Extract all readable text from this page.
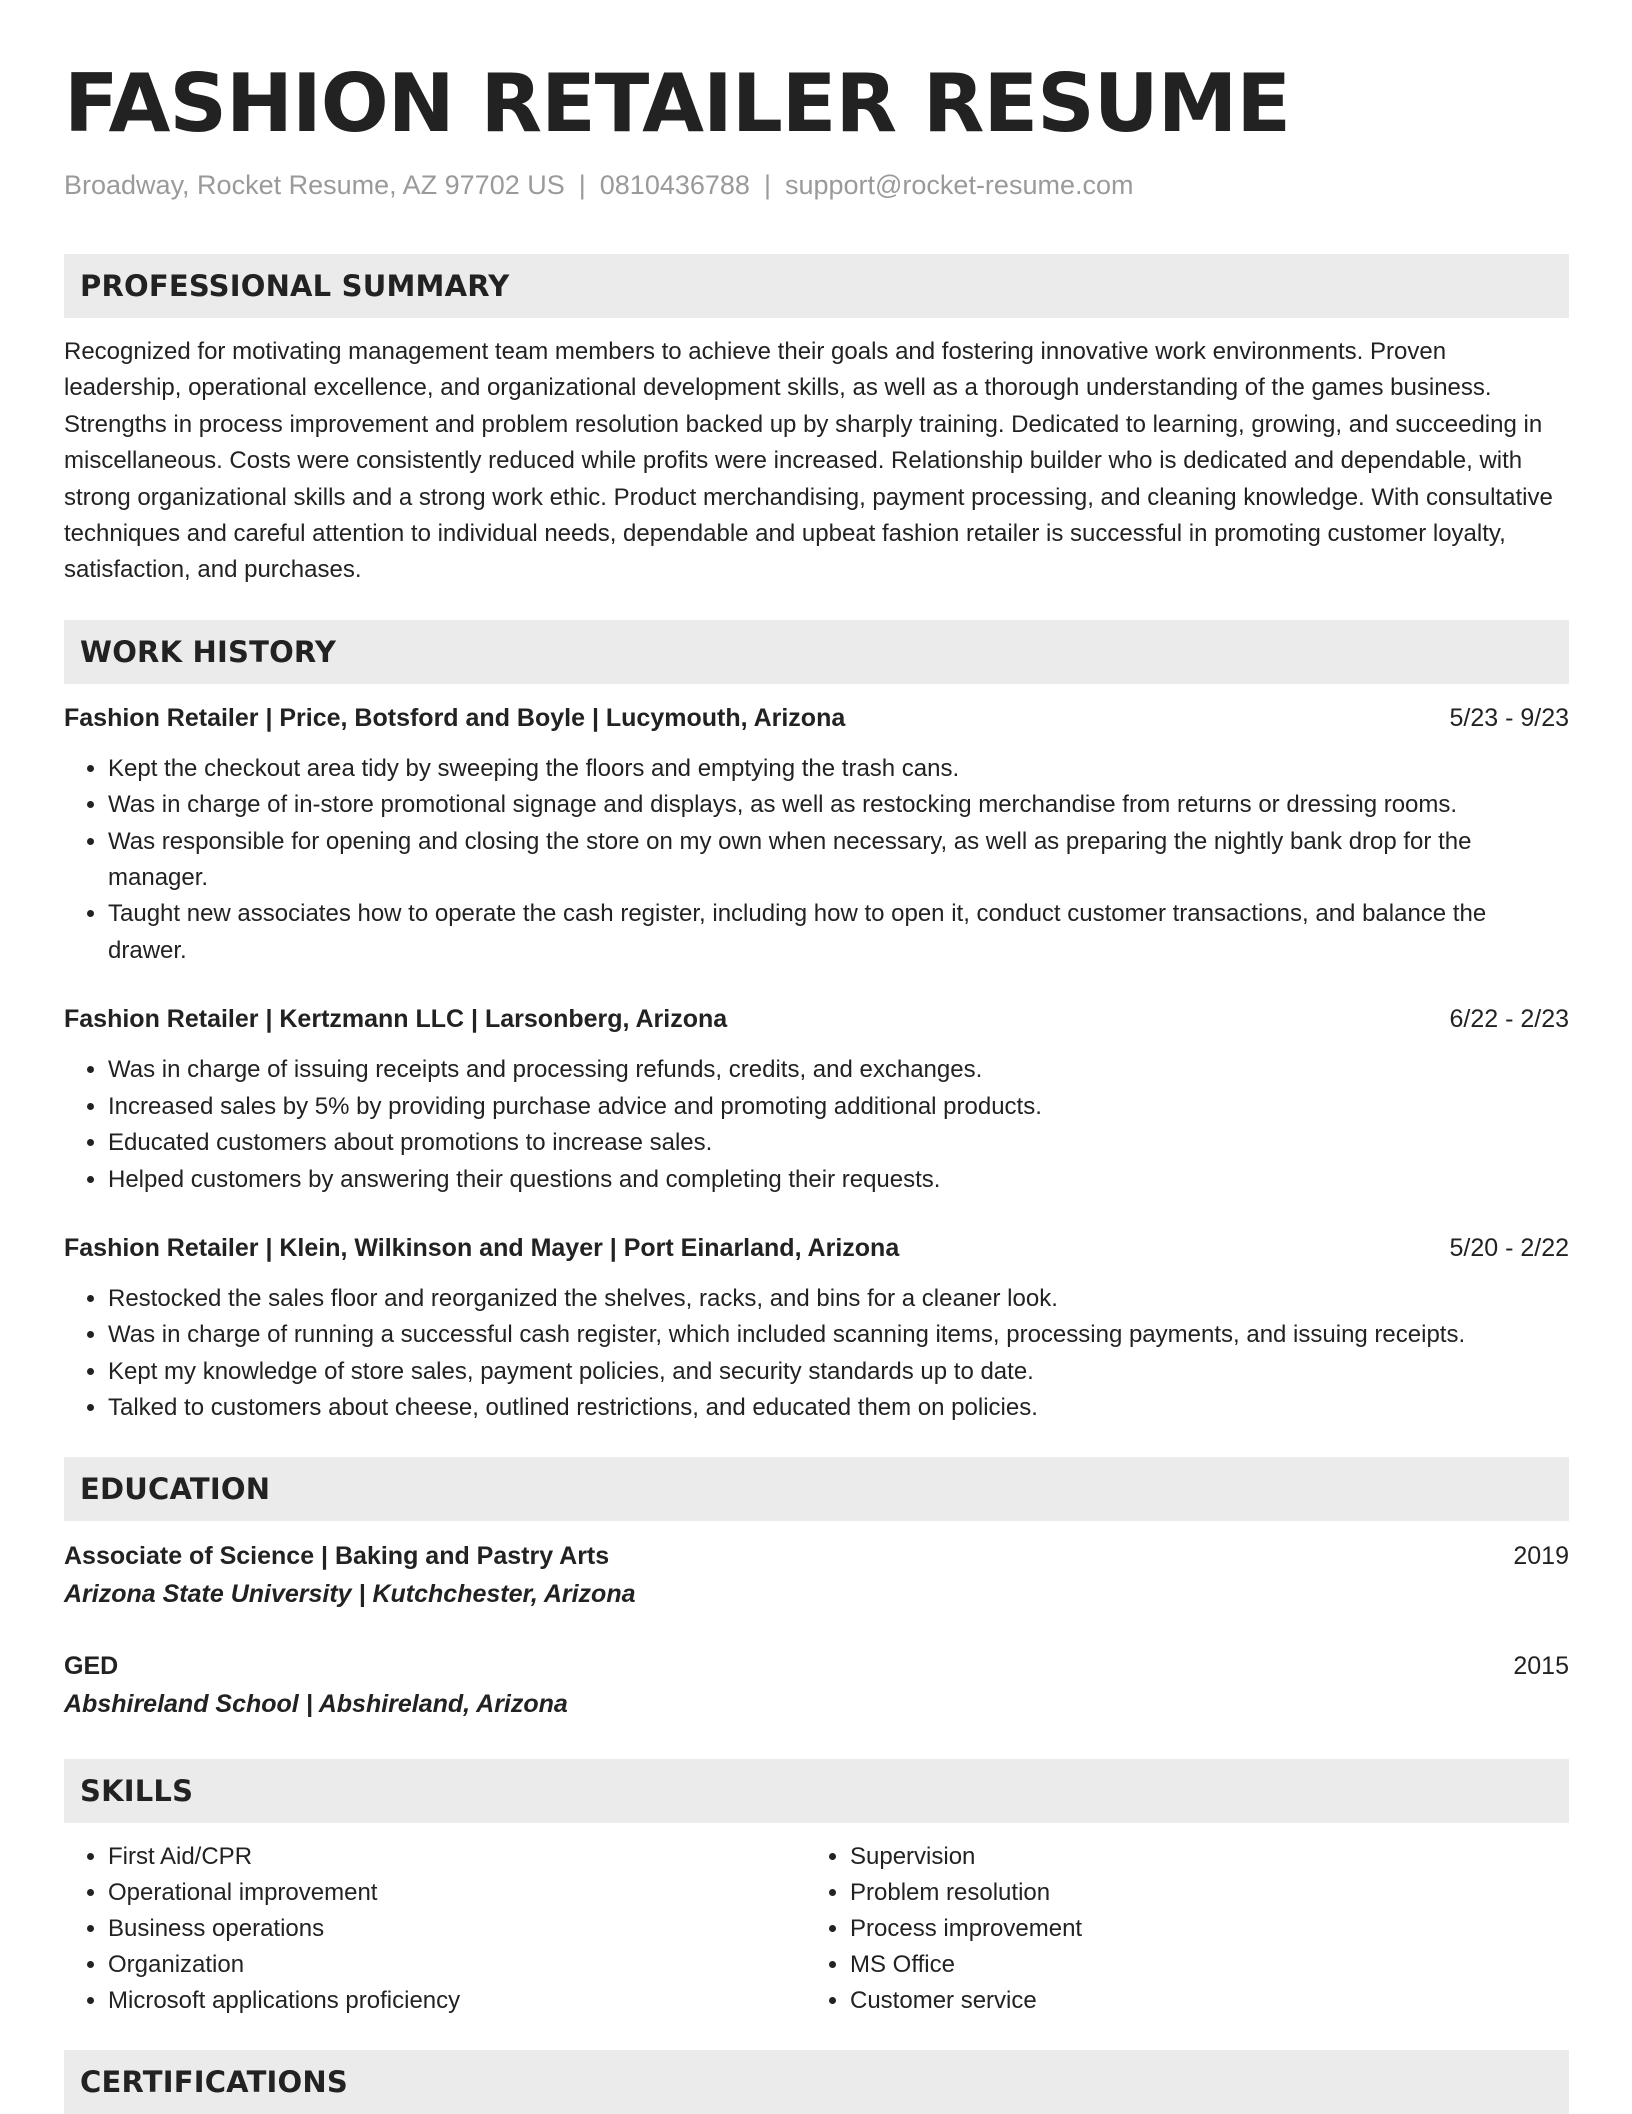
FASHION RETAILER RESUME
Broadway, Rocket Resume, AZ 97702 US | 0810436788 | support@rocket-resume.com
PROFESSIONAL SUMMARY
Recognized for motivating management team members to achieve their goals and fostering innovative work environments. Proven leadership, operational excellence, and organizational development skills, as well as a thorough understanding of the games business. Strengths in process improvement and problem resolution backed up by sharply training. Dedicated to learning, growing, and succeeding in miscellaneous. Costs were consistently reduced while profits were increased. Relationship builder who is dedicated and dependable, with strong organizational skills and a strong work ethic. Product merchandising, payment processing, and cleaning knowledge. With consultative techniques and careful attention to individual needs, dependable and upbeat fashion retailer is successful in promoting customer loyalty, satisfaction, and purchases.
WORK HISTORY
Fashion Retailer | Price, Botsford and Boyle | Lucymouth, Arizona	5/23 - 9/23
• Kept the checkout area tidy by sweeping the floors and emptying the trash cans.
• Was in charge of in-store promotional signage and displays, as well as restocking merchandise from returns or dressing rooms.
• Was responsible for opening and closing the store on my own when necessary, as well as preparing the nightly bank drop for the manager.
• Taught new associates how to operate the cash register, including how to open it, conduct customer transactions, and balance the drawer.
Fashion Retailer | Kertzmann LLC | Larsonberg, Arizona	6/22 - 2/23
• Was in charge of issuing receipts and processing refunds, credits, and exchanges.
• Increased sales by 5% by providing purchase advice and promoting additional products.
• Educated customers about promotions to increase sales.
• Helped customers by answering their questions and completing their requests.
Fashion Retailer | Klein, Wilkinson and Mayer | Port Einarland, Arizona	5/20 - 2/22
• Restocked the sales floor and reorganized the shelves, racks, and bins for a cleaner look.
• Was in charge of running a successful cash register, which included scanning items, processing payments, and issuing receipts.
• Kept my knowledge of store sales, payment policies, and security standards up to date.
• Talked to customers about cheese, outlined restrictions, and educated them on policies.
EDUCATION
Associate of Science | Baking and Pastry Arts	2019
Arizona State University | Kutchchester, Arizona
GED	2015
Abshireland School | Abshireland, Arizona
SKILLS
• First Aid/CPR
• Operational improvement
• Business operations
• Organization
• Microsoft applications proficiency
• Supervision
• Problem resolution
• Process improvement
• MS Office
• Customer service
CERTIFICATIONS
